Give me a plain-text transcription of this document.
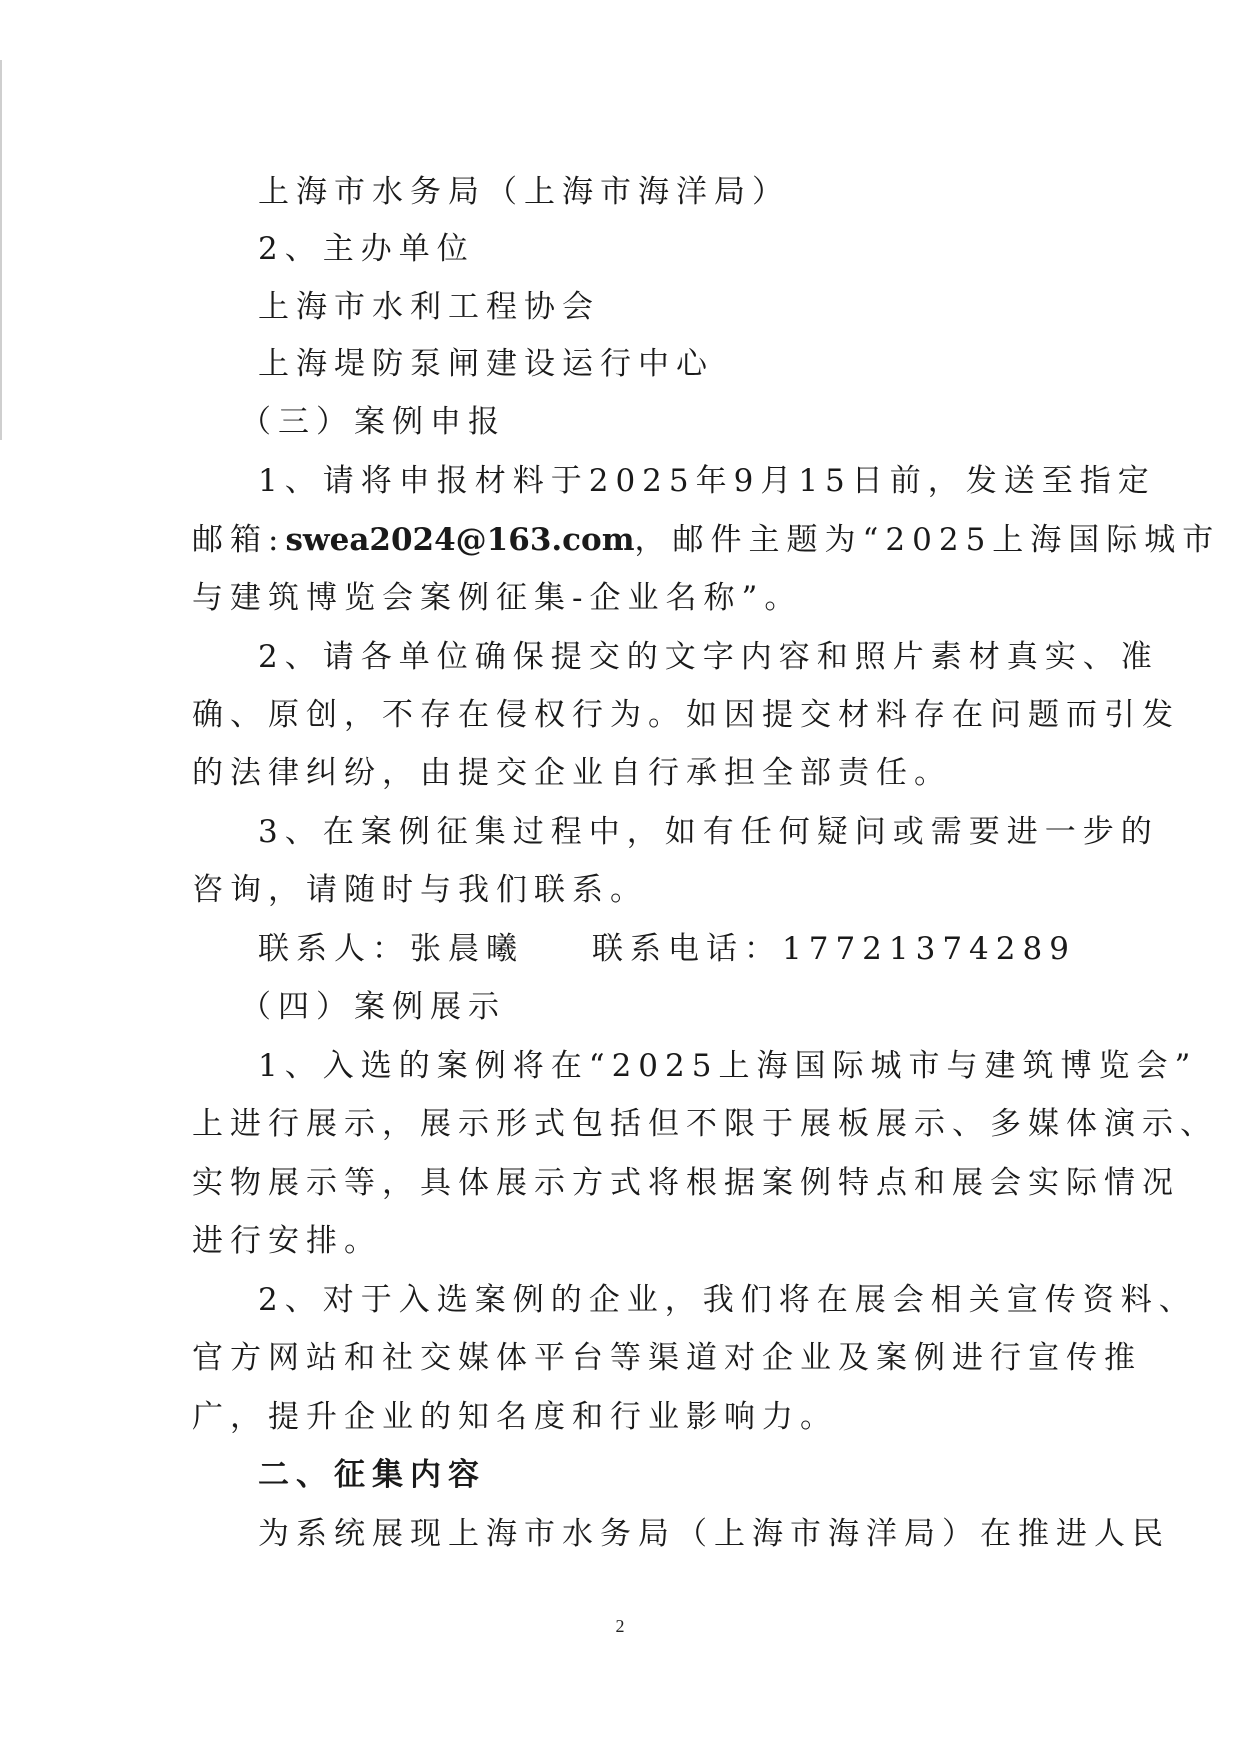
上海市水务局（上海市海洋局）
2、主办单位
上海市水利工程协会
上海堤防泵闸建设运行中心
（三）案例申报
1、请将申报材料于2025年9月15日前，发送至指定
邮箱:swea2024@163.com，邮件主题为“2025上海国际城市
与建筑博览会案例征集-企业名称”。
2、请各单位确保提交的文字内容和照片素材真实、准
确、原创，不存在侵权行为。如因提交材料存在问题而引发
的法律纠纷，由提交企业自行承担全部责任。
3、在案例征集过程中，如有任何疑问或需要进一步的
咨询，请随时与我们联系。
联系人：张晨曦 联系电话：17721374289
（四）案例展示
1、入选的案例将在“2025上海国际城市与建筑博览会”
上进行展示，展示形式包括但不限于展板展示、多媒体演示、
实物展示等，具体展示方式将根据案例特点和展会实际情况
进行安排。
2、对于入选案例的企业，我们将在展会相关宣传资料、
官方网站和社交媒体平台等渠道对企业及案例进行宣传推
广，提升企业的知名度和行业影响力。
二、征集内容
为系统展现上海市水务局（上海市海洋局）在推进人民
2
